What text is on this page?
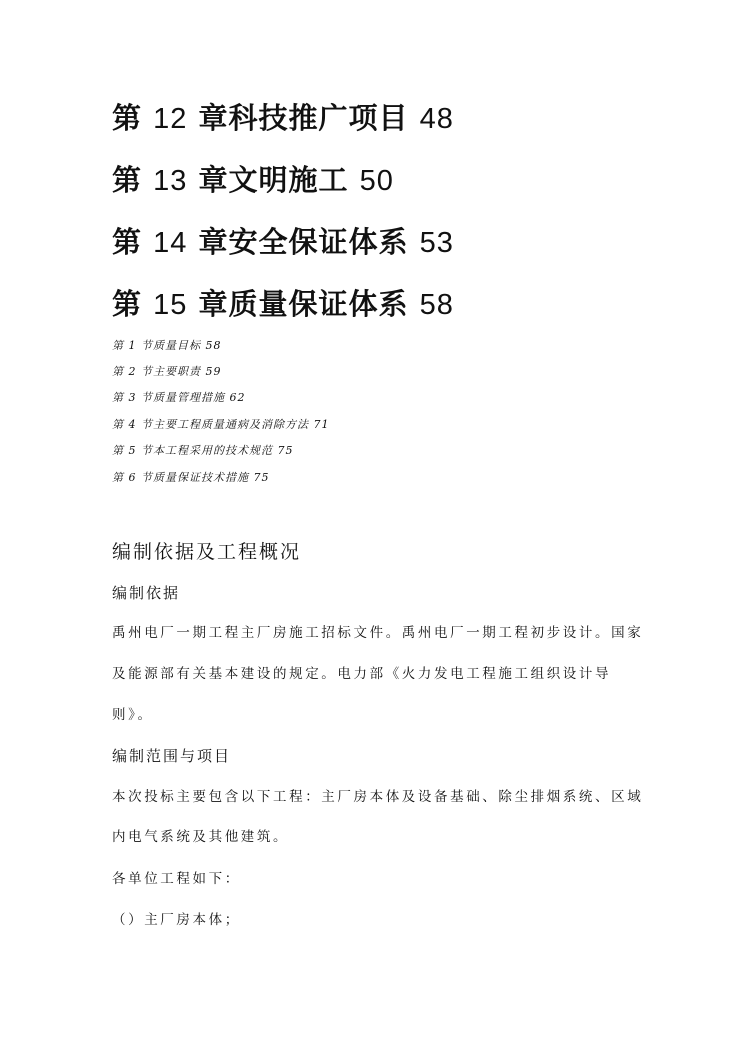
第 12 章科技推广项目 48
第 13 章文明施工 50
第 14 章安全保证体系 53
第 15 章质量保证体系 58
第 1 节质量目标 58
第 2 节主要职责 59
第 3 节质量管理措施 62
第 4 节主要工程质量通病及消除方法 71
第 5 节本工程采用的技术规范 75
第 6 节质量保证技术措施 75
编制依据及工程概况
编制依据
禹州电厂一期工程主厂房施工招标文件。禹州电厂一期工程初步设计。国家
及能源部有关基本建设的规定。电力部《火力发电工程施工组织设计导
则》。
编制范围与项目
本次投标主要包含以下工程：主厂房本体及设备基础、除尘排烟系统、区域
内电气系统及其他建筑。
各单位工程如下：
（）主厂房本体；
